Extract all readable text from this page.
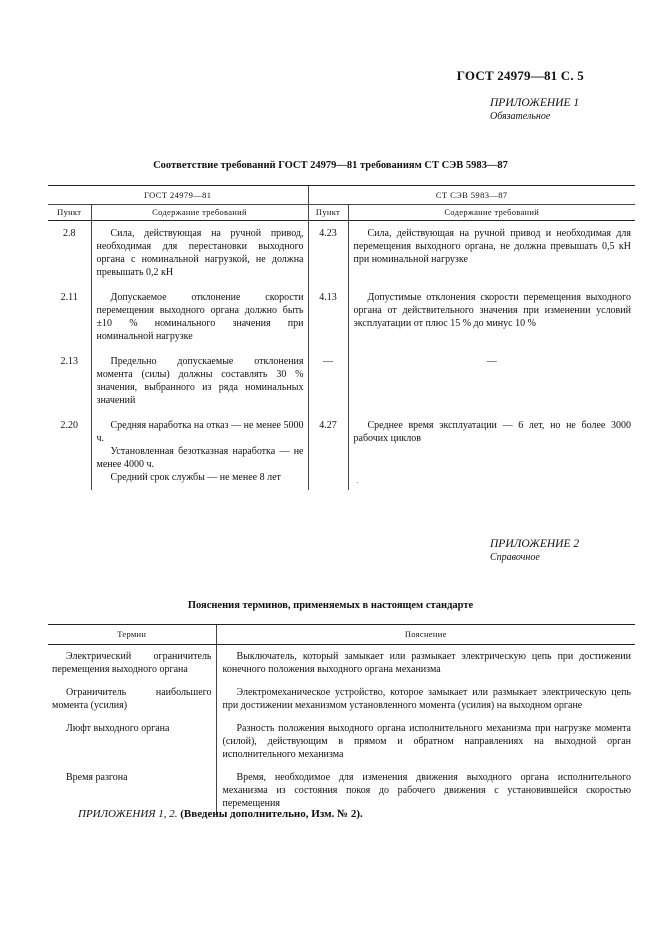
ГОСТ 24979—81 С. 5
ПРИЛОЖЕНИЕ 1
Обязательное
Соответствие требований ГОСТ 24979—81 требованиям СТ СЭВ 5983—87
ГОСТ 24979—81		СТ СЭВ 5983—87	
Пункт	Содержание требований	Пункт	Содержание требований
2.8	Сила, действующая на ручной привод, необходимая для перестановки выходного органа с номинальной нагрузкой, не должна превышать 0,2 кН	4.23	Сила, действующая на ручной привод и необходимая для перемещения выходного органа, не должна превышать 0,5 кН при номинальной нагрузке

2.11	Допускаемое отклонение скорости перемещения выходного органа должно быть ±10 % номинального значения при номинальной нагрузке	4.13	Допустимые отклонения скорости перемещения выходного органа от действительного значения при изменении условий эксплуатации от плюс 15 % до минус 10 %

2.13	Предельно допускаемые отклонения момента (силы) должны составлять 30 % значения, выбранного из ряда номинальных значений	—	—
2.20	Средняя наработка на отказ — не менее 5000 ч.

Установленная безотказная наработка — не менее 4000 ч.

Средний срок службы — не менее 8 лет	4.27	Среднее время эксплуатации — 6 лет, но не более 3000 рабочих циклов

ПРИЛОЖЕНИЕ 2
Справочное
Пояснения терминов, применяемых в настоящем стандарте
Термин	Пояснение
Электрический ограничитель перемещения выходного органа	Выключатель, который замыкает или размыкает электрическую цепь при достижении конечного положения выходного органа механизма
Ограничитель наибольшего момента (усилия)	Электромеханическое устройство, которое замыкает или размыкает электрическую цепь при достижении механизмом установленного момента (усилия) на выходном органе
Люфт выходного органа	Разность положения выходного органа исполнительного механизма при нагрузке момента (силой), действующим в прямом и обратном направлениях на выходной орган исполнительного механизма
Время разгона	Время, необходимое для изменения движения выходного органа исполнительного механизма из состояния покоя до рабочего движения с установившейся скоростью перемещения
ПРИЛОЖЕНИЯ 1, 2. (Введены дополнительно, Изм. № 2).
